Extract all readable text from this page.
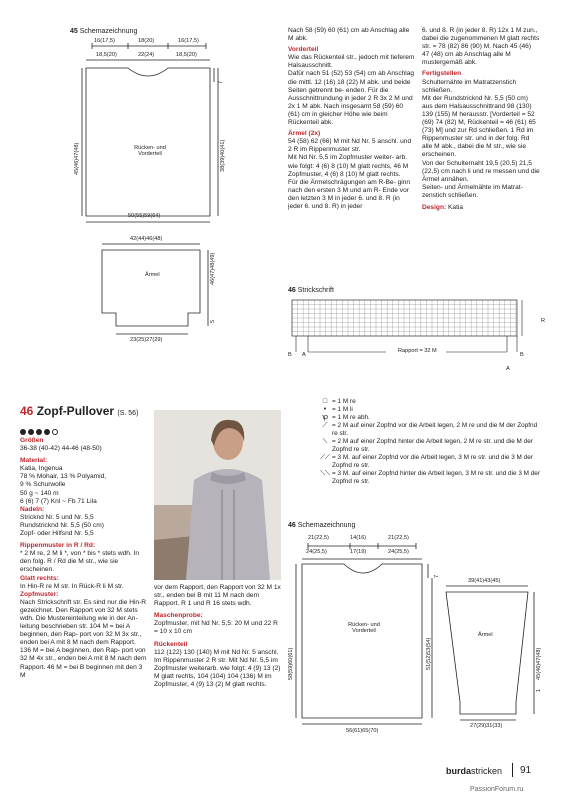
45 Schemazeichnung
16(17,5)	18(20)	16(17,5)
18,5(20)	22(24)	18,5(20)
7
45(46)47(48)	38(39)40(41)
Rücken- und Vorderteil
50(55)59(64)
42(44)46(48)
Ärmel	46(47)48(49)
5
23(25)27(29)

Nach 58 (59) 60 (61) cm ab Anschlag alle M abk.

Vorderteil

Wie das Rückenteil str., jedoch mit tieferem Halsausschnitt.

Dafür nach 51 (52) 53 (54) cm ab Anschlag die mittl. 12 (16) 18 (22) M abk. und beide Seiten getrennt be- enden. Für die Ausschnittrundung in jeder 2 R 3x 2 M und 2x 1 M abk. Nach insgesamt 58 (59) 60 (61) cm in gleicher Höhe wie beim Rückenteil abk.

Ärmel (2x)

54 (58) 62 (66) M mit Nd Nr. 5 anschl. und 2 R im Rippenmuster str.

Mit Nd Nr. 5,5 im Zopfmuster weiter- arb. wie folgt: 4 (6) 8 (10) M glatt rechts, 46 M Zopfmuster, 4 (6) 8 (10) M glatt rechts.

Für die Ärmelschrägungen am R-Be- ginn nach den ersten 3 M und am R- Ende vor den letzten 3 M in jeder 6. und 8. R (in jeder 6. und 8. R) in jeder

6. und 8. R (in jeder 8. R) 12x 1 M zun., dabei die zugenommenen M glatt rechts str. = 78 (82) 86 (90) M. Nach 45 (46) 47 (48) cm ab Anschlag alle M mustergemäß abk.

Fertigstellen

Schulternähte im Matratzenstich schließen.

Mit der Rundstricknd Nr. 5,5 (50 cm) aus dem Halsausschnittrand 98 (130) 139 (155) M herausstr. [Vorderteil = 52 (69) 74 (82) M, Rückenteil = 46 (61) 65 (73) M] und zur Rd schließen. 1 Rd im Rippenmuster str. und in der folg. Rd alle M abk., dabei die M str., wie sie erscheinen.

Von der Schulternaht 19,5 (20,5) 21,5 (22,5) cm nach li und re messen und die Ärmel annähen.

Seiten- und Ärmelnähte im Matrat- zenstich schließen.

Design: Katia

46 Strickschrift
B A
Rapport = 32 M
A
B
R
46 Zopf-Pullover (S. 56)

Größen

36-38 (40-42) 44-46 (48-50)

Material:

Katia, Ingenua

78 % Mohair, 13 % Polyamid,

9 % Schurwolle

50 g ~ 140 m

6 (6) 7 (7) Knl ~ Fb 71 Lila

Nadeln:

Stricknd Nr. 5 und Nr. 5,5

Rundstricknd Nr. 5,5 (50 cm)

Zopf- oder Hilfsnd Nr. 5,5

Rippenmuster in R / Rd:

* 2 M re, 2 M li *, von * bis * stets wdh. In den folg. R / Rd die M str., wie sie erscheinen.

Glatt rechts:

In Hin-R re M str. In Rück-R li M str.

Zopfmuster:

Nach Strickschrift str. Es sind nur die Hin-R gezeichnet. Den Rapport von 32 M stets wdh. Die Mustereinteilung wie in der An- leitung beschrieben str. 104 M = bei A beginnen, den Rap- port von 32 M 3x str., enden bei A mit 8 M nach dem Rapport. 136 M = bei A beginnen, den Rap- port von 32 M 4x str., enden bei A mit 8 M nach dem Rapport. 46 M = bei B beginnen mit den 3 M

vor dem Rapport, den Rapport von 32 M 1x str., enden bei B mit 11 M nach dem Rapport. R 1 und R 16 stets wdh.

Maschenprobe:

Zopfmuster, mit Nd Nr. 5,5: 20 M und 22 R = 10 x 10 cm

Rückenteil

112 (122) 130 (140) M mit Nd Nr. 5 anschl. Im Rippenmuster 2 R str. Mit Nd Nr. 5,5 im Zopfmuster weiterarb. wie folgt: 4 (9) 13 (2) M glatt rechts, 104 (104) 104 (136) M im Zopfmuster, 4 (9) 13 (2) M glatt rechts.

□ = 1 M re
• = 1 M li
ꝕ = 1 M re abh.
⟋ = 2 M auf einer Zopfnd vor die Arbeit legen, 2 M re und die M der Zopfnd re str.
⟍ = 2 M auf einer Zopfnd hinter die Arbeit legen, 2 M re str. und die M der Zopfnd re str.
⟋⟋ = 3 M. auf einer Zopfnd vor die Arbeit legen, 3 M re str. und die 3 M der Zopfnd re str.
⟍⟍ = 3 M. auf einer Zopfnd hinter die Arbeit legen, 3 M re str. und die 3 M der Zopfnd re str.
46 Schemazeichnung
21(22,5)	14(16)	21(22,5)
24(25,5)	17(19)	24(25,5)
7
58(59)60(61)	51(52)53(54)
Rücken- und Vorderteil
56(61)65(70)
39(41)43(45)
Ärmel
45(46)47(48)
1
27(29)31(33)
burdastricken 91
PassionForum.ru
